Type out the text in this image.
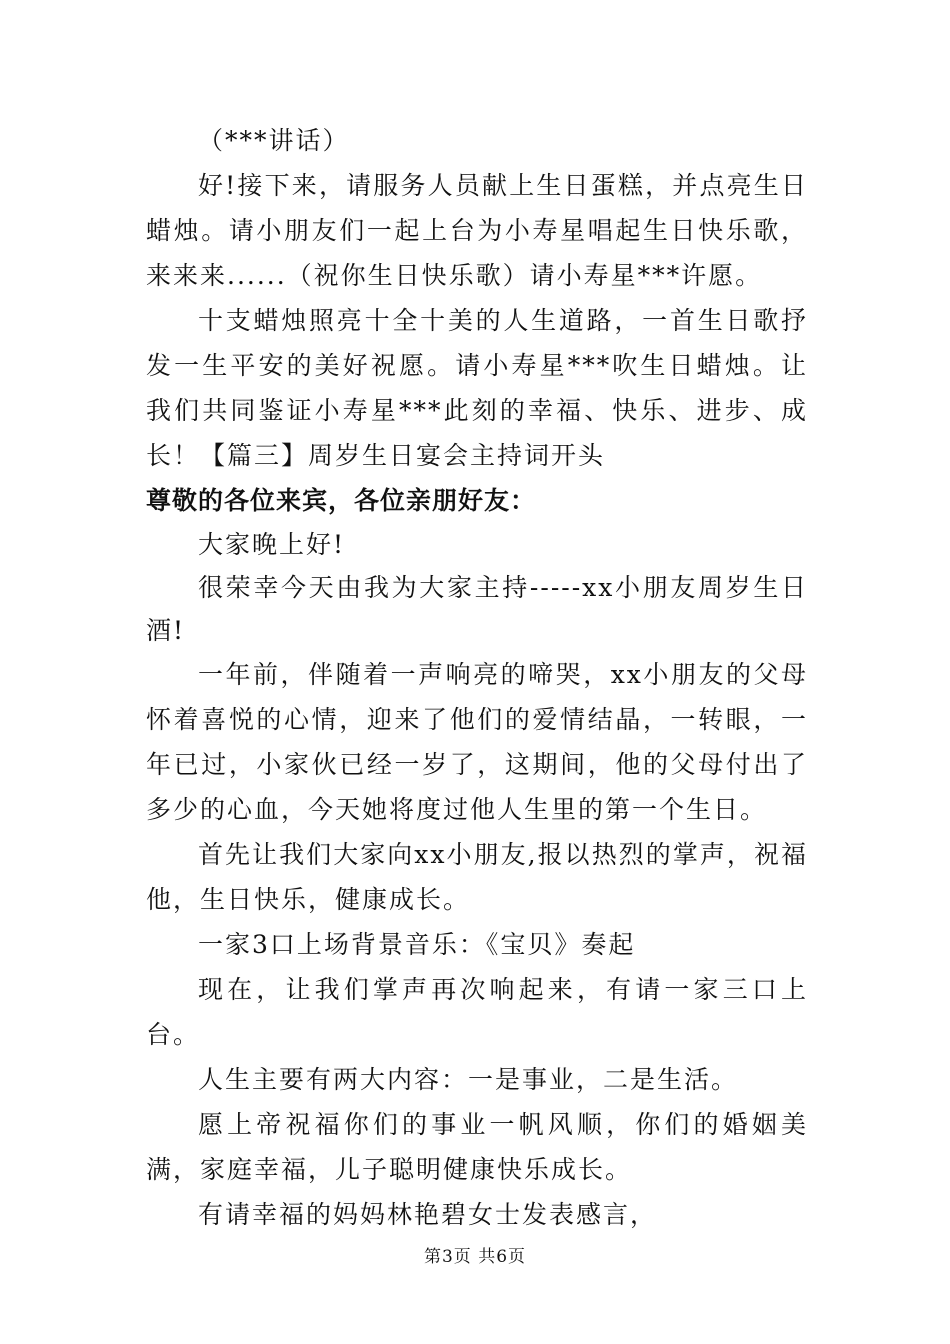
（***讲话）

好!接下来，请服务人员献上生日蛋糕，并点亮生日蜡烛。请小朋友们一起上台为小寿星唱起生日快乐歌，来来来......（祝你生日快乐歌）请小寿星***许愿。

十支蜡烛照亮十全十美的人生道路，一首生日歌抒发一生平安的美好祝愿。请小寿星***吹生日蜡烛。让我们共同鉴证小寿星***此刻的幸福、快乐、进步、成长！【篇三】周岁生日宴会主持词开头

尊敬的各位来宾，各位亲朋好友：

大家晚上好!

很荣幸今天由我为大家主持-----xx小朋友周岁生日酒!

一年前，伴随着一声响亮的啼哭，xx小朋友的父母怀着喜悦的心情，迎来了他们的爱情结晶，一转眼，一年已过，小家伙已经一岁了，这期间，他的父母付出了多少的心血，今天她将度过他人生里的第一个生日。

首先让我们大家向xx小朋友,报以热烈的掌声，祝福他，生日快乐，健康成长。

一家3口上场背景音乐：《宝贝》奏起

现在，让我们掌声再次响起来，有请一家三口上台。

人生主要有两大内容：一是事业，二是生活。

愿上帝祝福你们的事业一帆风顺，你们的婚姻美满，家庭幸福，儿子聪明健康快乐成长。

有请幸福的妈妈林艳碧女士发表感言，

第3页 共6页
